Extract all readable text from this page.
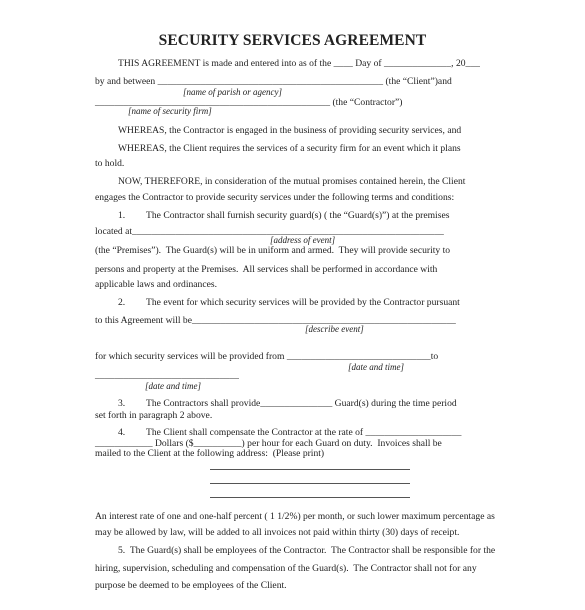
SECURITY SERVICES AGREEMENT
THIS AGREEMENT is made and entered into as of the ____ Day of ______________, 20___
by and between _______________________________________________ (the “Client”)and
[name of parish or agency]
_________________________________________________ (the “Contractor”)
[name of security firm]
WHEREAS, the Contractor is engaged in the business of providing security services, and
WHEREAS, the Client requires the services of a security firm for an event which it plans
to hold.
NOW, THEREFORE, in consideration of the mutual promises contained herein, the Client
engages the Contractor to provide security services under the following terms and conditions:
1. The Contractor shall furnish security guard(s) ( the “Guard(s)”) at the premises
located at_________________________________________________________________
[address of event]
(the “Premises”).  The Guard(s) will be in uniform and armed.  They will provide security to
persons and property at the Premises.  All services shall be performed in accordance with
applicable laws and ordinances.
2. The event for which security services will be provided by the Contractor pursuant
to this Agreement will be_______________________________________________________
[describe event]
for which security services will be provided from ______________________________to
[date and time]
______________________________
[date and time]
3. The Contractors shall provide_______________ Guard(s) during the time period
set forth in paragraph 2 above.
4. The Client shall compensate the Contractor at the rate of ____________________
____________ Dollars ($__________) per hour for each Guard on duty.  Invoices shall be
mailed to the Client at the following address:  (Please print)
An interest rate of one and one-half percent ( 1 1/2%) per month, or such lower maximum percentage as
may be allowed by law, will be added to all invoices not paid within thirty (30) days of receipt.
5.  The Guard(s) shall be employees of the Contractor.  The Contractor shall be responsible for the
hiring, supervision, scheduling and compensation of the Guard(s).  The Contractor shall not for any
purpose be deemed to be employees of the Client.
